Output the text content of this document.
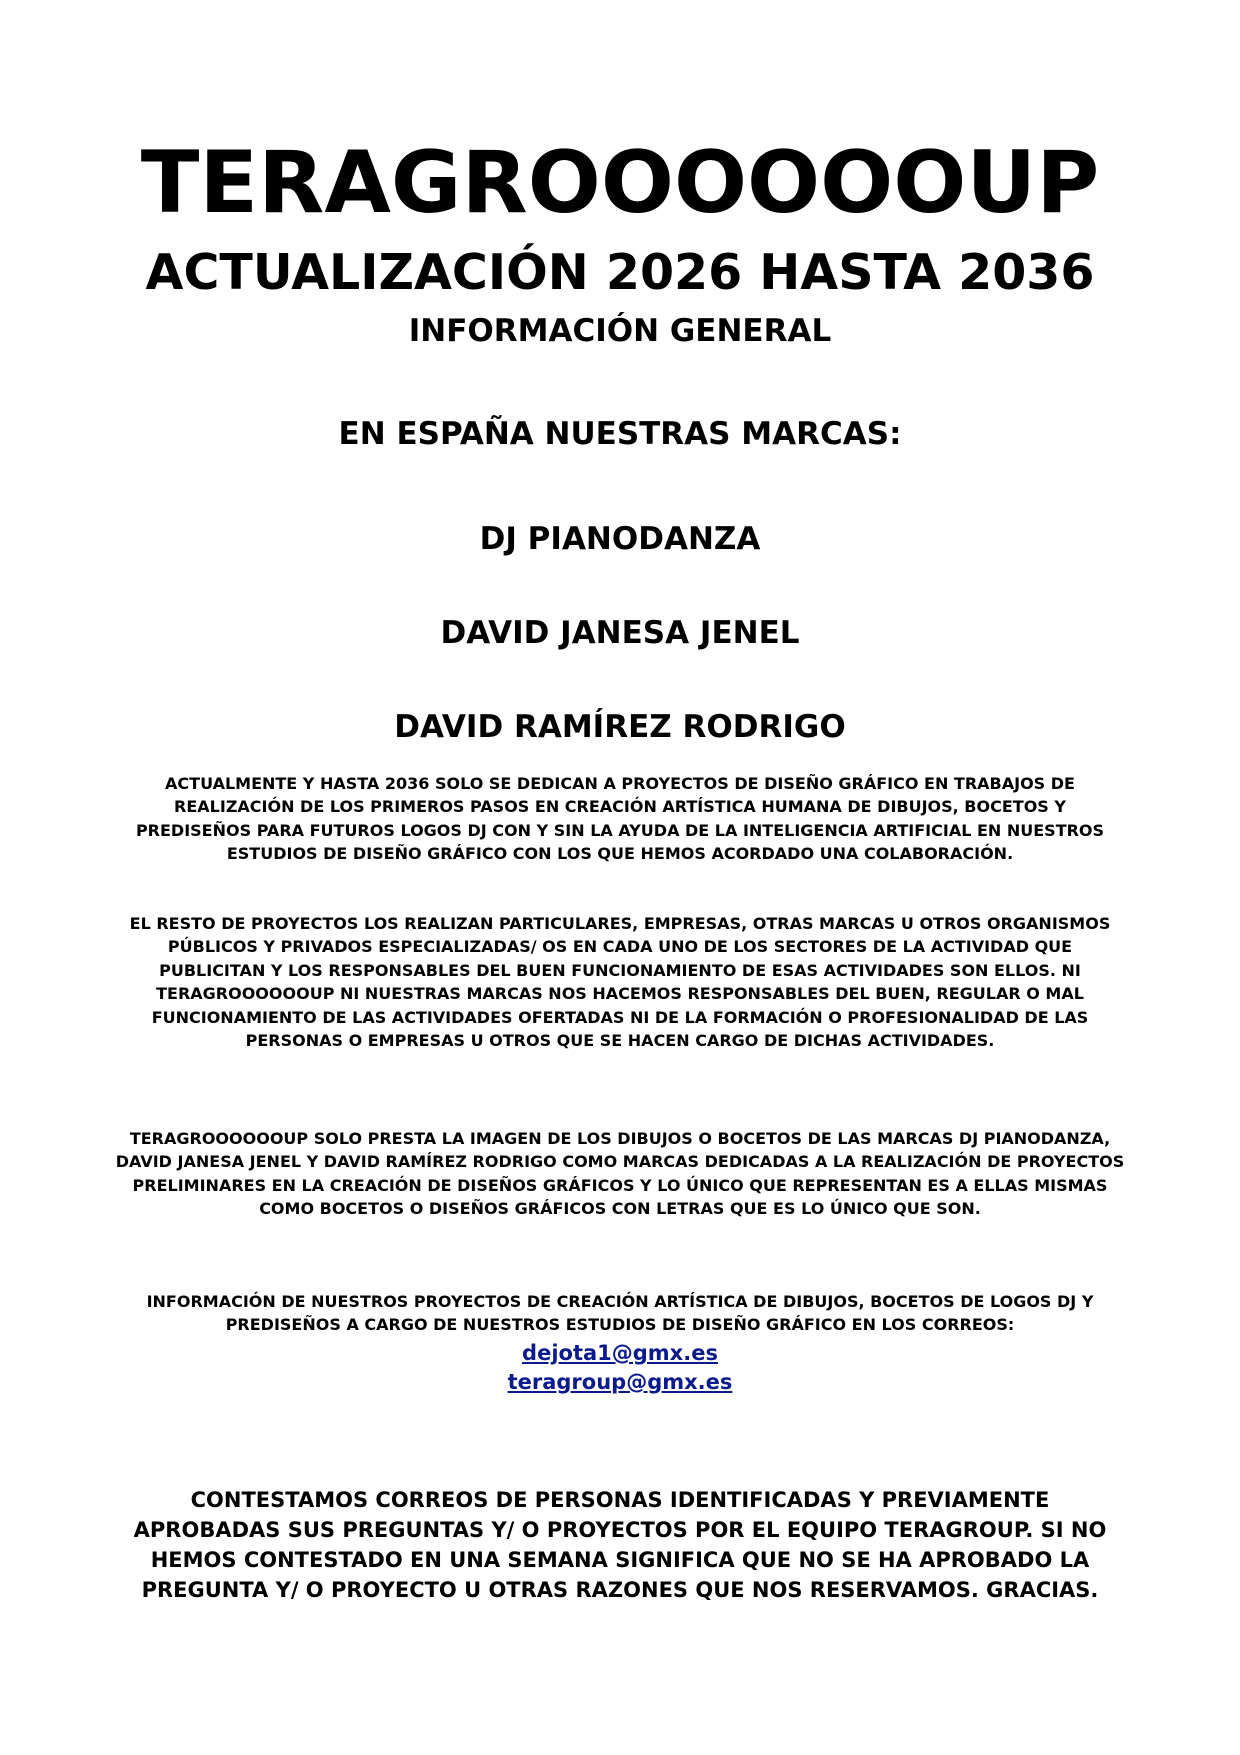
TERAGROOOOOOUP
ACTUALIZACIÓN 2026 HASTA 2036
INFORMACIÓN GENERAL
EN ESPAÑA NUESTRAS MARCAS:
DJ PIANODANZA
DAVID JANESA JENEL
DAVID RAMÍREZ RODRIGO

ACTUALMENTE Y HASTA 2036 SOLO SE DEDICAN A PROYECTOS DE DISEÑO GRÁFICO EN TRABAJOS DE REALIZACIÓN DE LOS PRIMEROS PASOS EN CREACIÓN ARTÍSTICA HUMANA DE DIBUJOS, BOCETOS Y PREDISEÑOS PARA FUTUROS LOGOS DJ CON Y SIN LA AYUDA DE LA INTELIGENCIA ARTIFICIAL EN NUESTROS ESTUDIOS DE DISEÑO GRÁFICO CON LOS QUE HEMOS ACORDADO UNA COLABORACIÓN.

EL RESTO DE PROYECTOS LOS REALIZAN PARTICULARES, EMPRESAS, OTRAS MARCAS U OTROS ORGANISMOS PÚBLICOS Y PRIVADOS ESPECIALIZADAS/ OS EN CADA UNO DE LOS SECTORES DE LA ACTIVIDAD QUE PUBLICITAN Y LOS RESPONSABLES DEL BUEN FUNCIONAMIENTO DE ESAS ACTIVIDADES SON ELLOS. NI TERAGROOOOOOUP NI NUESTRAS MARCAS NOS HACEMOS RESPONSABLES DEL BUEN, REGULAR O MAL FUNCIONAMIENTO DE LAS ACTIVIDADES OFERTADAS NI DE LA FORMACIÓN O PROFESIONALIDAD DE LAS PERSONAS O EMPRESAS U OTROS QUE SE HACEN CARGO DE DICHAS ACTIVIDADES.

TERAGROOOOOOUP SOLO PRESTA LA IMAGEN DE LOS DIBUJOS O BOCETOS DE LAS MARCAS DJ PIANODANZA, DAVID JANESA JENEL Y DAVID RAMÍREZ RODRIGO COMO MARCAS DEDICADAS A LA REALIZACIÓN DE PROYECTOS PRELIMINARES EN LA CREACIÓN DE DISEÑOS GRÁFICOS Y LO ÚNICO QUE REPRESENTAN ES A ELLAS MISMAS COMO BOCETOS O DISEÑOS GRÁFICOS CON LETRAS QUE ES LO ÚNICO QUE SON.

INFORMACIÓN DE NUESTROS PROYECTOS DE CREACIÓN ARTÍSTICA DE DIBUJOS, BOCETOS DE LOGOS DJ Y PREDISEÑOS A CARGO DE NUESTROS ESTUDIOS DE DISEÑO GRÁFICO EN LOS CORREOS:

dejota1@gmx.es

teragroup@gmx.es

CONTESTAMOS CORREOS DE PERSONAS IDENTIFICADAS Y PREVIAMENTE APROBADAS SUS PREGUNTAS Y/ O PROYECTOS POR EL EQUIPO TERAGROUP. SI NO HEMOS CONTESTADO EN UNA SEMANA SIGNIFICA QUE NO SE HA APROBADO LA PREGUNTA Y/ O PROYECTO U OTRAS RAZONES QUE NOS RESERVAMOS. GRACIAS.
